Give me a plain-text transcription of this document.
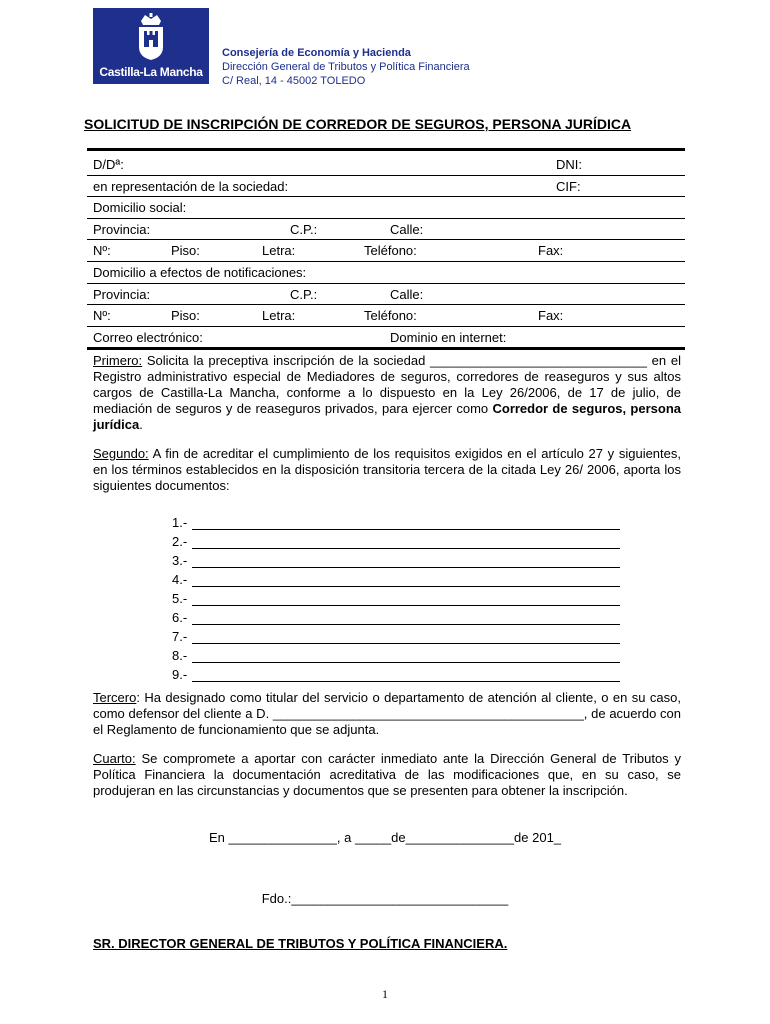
Castilla-La Mancha
Consejería de Economía y Hacienda
Dirección General de Tributos y Política Financiera
C/ Real, 14 - 45002 TOLEDO
SOLICITUD DE INSCRIPCIÓN DE CORREDOR DE SEGUROS, PERSONA JURÍDICA
D/Dª:	DNI:
en representación de la sociedad:	CIF:
Domicilio social:
Provincia:	C.P.:	Calle:
Nº:	Piso:	Letra:	Teléfono:	Fax:
Domicilio a efectos de notificaciones:
Provincia:	C.P.:	Calle:
Nº:	Piso:	Letra:	Teléfono:	Fax:
Correo electrónico:	Dominio en internet:
Primero: Solicita la preceptiva inscripción de la sociedad ______________________________ en el Registro administrativo especial de Mediadores de seguros, corredores de reaseguros y sus altos cargos de Castilla-La Mancha, conforme a lo dispuesto en la Ley 26/2006, de 17 de julio, de mediación de seguros y de reaseguros privados, para ejercer como Corredor de seguros, persona jurídica.
Segundo: A fin de acreditar el cumplimiento de los requisitos exigidos en el artículo 27 y siguientes, en los términos establecidos en la disposición transitoria tercera de la citada Ley 26/ 2006, aporta los siguientes documentos:
1.-
2.-
3.-
4.-
5.-
6.-
7.-
8.-
9.-
Tercero: Ha designado como titular del servicio o departamento de atención al cliente, o en su caso, como defensor del cliente a D. ___________________________________________, de acuerdo con el Reglamento de funcionamiento que se adjunta.
Cuarto: Se compromete a aportar con carácter inmediato ante la Dirección General de Tributos y Política Financiera la documentación acreditativa de las modificaciones que, en su caso, se produjeran en las circunstancias y documentos que se presenten para obtener la inscripción.
En _______________, a _____de_______________de 201_
Fdo.:______________________________
SR. DIRECTOR GENERAL DE TRIBUTOS Y POLÍTICA FINANCIERA.
1
